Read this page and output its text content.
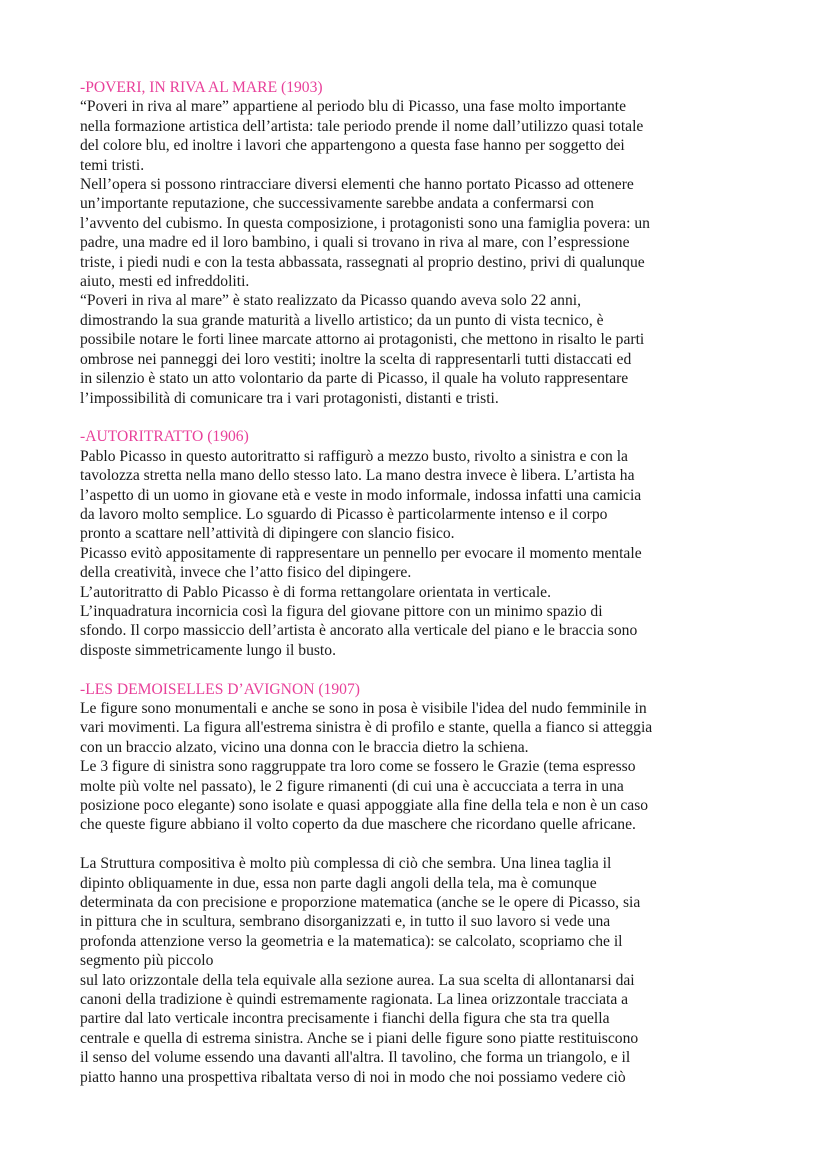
-POVERI, IN RIVA AL MARE (1903)
“Poveri in riva al mare” appartiene al periodo blu di Picasso, una fase molto importante
nella formazione artistica dell’artista: tale periodo prende il nome dall’utilizzo quasi totale
del colore blu, ed inoltre i lavori che appartengono a questa fase hanno per soggetto dei
temi tristi.
Nell’opera si possono rintracciare diversi elementi che hanno portato Picasso ad ottenere
un’importante reputazione, che successivamente sarebbe andata a confermarsi con
l’avvento del cubismo. In questa composizione, i protagonisti sono una famiglia povera: un
padre, una madre ed il loro bambino, i quali si trovano in riva al mare, con l’espressione
triste, i piedi nudi e con la testa abbassata, rassegnati al proprio destino, privi di qualunque
aiuto, mesti ed infreddoliti.
“Poveri in riva al mare” è stato realizzato da Picasso quando aveva solo 22 anni,
dimostrando la sua grande maturità a livello artistico; da un punto di vista tecnico, è
possibile notare le forti linee marcate attorno ai protagonisti, che mettono in risalto le parti
ombrose nei panneggi dei loro vestiti; inoltre la scelta di rappresentarli tutti distaccati ed
in silenzio è stato un atto volontario da parte di Picasso, il quale ha voluto rappresentare
l’impossibilità di comunicare tra i vari protagonisti, distanti e tristi.
-AUTORITRATTO (1906)
Pablo Picasso in questo autoritratto si raffigurò a mezzo busto, rivolto a sinistra e con la
tavolozza stretta nella mano dello stesso lato. La mano destra invece è libera. L’artista ha
l’aspetto di un uomo in giovane età e veste in modo informale, indossa infatti una camicia
da lavoro molto semplice. Lo sguardo di Picasso è particolarmente intenso e il corpo
pronto a scattare nell’attività di dipingere con slancio fisico.
Picasso evitò appositamente di rappresentare un pennello per evocare il momento mentale
della creatività, invece che l’atto fisico del dipingere.
L’autoritratto di Pablo Picasso è di forma rettangolare orientata in verticale.
L’inquadratura incornicia così la figura del giovane pittore con un minimo spazio di
sfondo. Il corpo massiccio dell’artista è ancorato alla verticale del piano e le braccia sono
disposte simmetricamente lungo il busto.
-LES DEMOISELLES D’AVIGNON (1907)
Le figure sono monumentali e anche se sono in posa è visibile l'idea del nudo femminile in
vari movimenti. La figura all'estrema sinistra è di profilo e stante, quella a fianco si atteggia
con un braccio alzato, vicino una donna con le braccia dietro la schiena.
Le 3 figure di sinistra sono raggruppate tra loro come se fossero le Grazie (tema espresso
molte più volte nel passato), le 2 figure rimanenti (di cui una è accucciata a terra in una
posizione poco elegante) sono isolate e quasi appoggiate alla fine della tela e non è un caso
che queste figure abbiano il volto coperto da due maschere che ricordano quelle africane.
La Struttura compositiva è molto più complessa di ciò che sembra. Una linea taglia il
dipinto obliquamente in due, essa non parte dagli angoli della tela, ma è comunque
determinata da con precisione e proporzione matematica (anche se le opere di Picasso, sia
in pittura che in scultura, sembrano disorganizzati e, in tutto il suo lavoro si vede una
profonda attenzione verso la geometria e la matematica): se calcolato, scopriamo che il
segmento più piccolo
sul lato orizzontale della tela equivale alla sezione aurea. La sua scelta di allontanarsi dai
canoni della tradizione è quindi estremamente ragionata. La linea orizzontale tracciata a
partire dal lato verticale incontra precisamente i fianchi della figura che sta tra quella
centrale e quella di estrema sinistra. Anche se i piani delle figure sono piatte restituiscono
il senso del volume essendo una davanti all'altra. Il tavolino, che forma un triangolo, e il
piatto hanno una prospettiva ribaltata verso di noi in modo che noi possiamo vedere ciò
